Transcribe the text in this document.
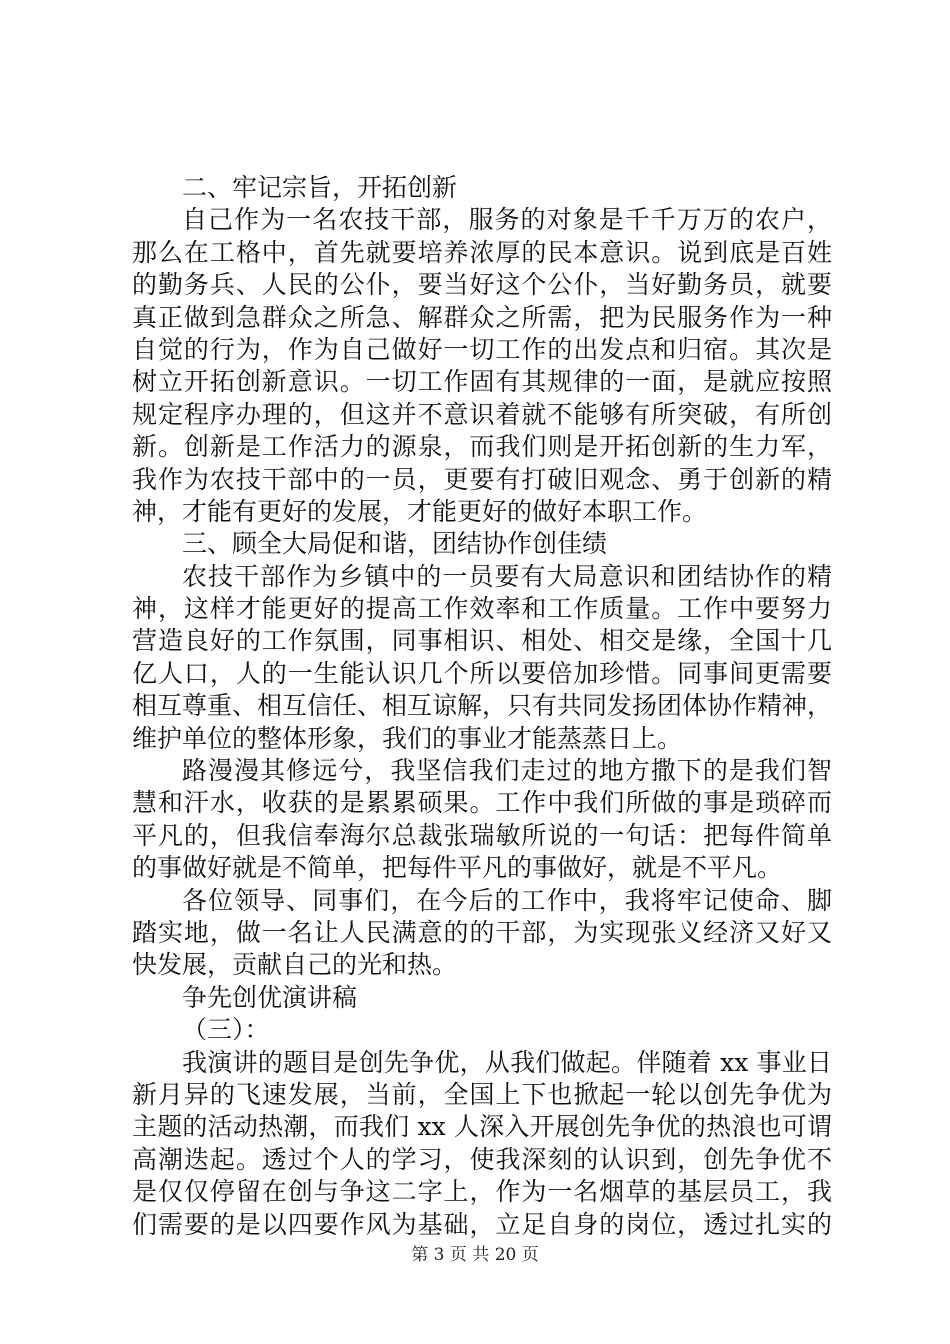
二、牢记宗旨，开拓创新
自己作为一名农技干部，服务的对象是千千万万的农户，
那么在工格中，首先就要培养浓厚的民本意识。说到底是百姓
的勤务兵、人民的公仆，要当好这个公仆，当好勤务员，就要
真正做到急群众之所急、解群众之所需，把为民服务作为一种
自觉的行为，作为自己做好一切工作的出发点和归宿。其次是
树立开拓创新意识。一切工作固有其规律的一面，是就应按照
规定程序办理的，但这并不意识着就不能够有所突破，有所创
新。创新是工作活力的源泉，而我们则是开拓创新的生力军，
我作为农技干部中的一员，更要有打破旧观念、勇于创新的精
神，才能有更好的发展，才能更好的做好本职工作。
三、顾全大局促和谐，团结协作创佳绩
农技干部作为乡镇中的一员要有大局意识和团结协作的精
神，这样才能更好的提高工作效率和工作质量。工作中要努力
营造良好的工作氛围，同事相识、相处、相交是缘，全国十几
亿人口，人的一生能认识几个所以要倍加珍惜。同事间更需要
相互尊重、相互信任、相互谅解，只有共同发扬团体协作精神，
维护单位的整体形象，我们的事业才能蒸蒸日上。
路漫漫其修远兮，我坚信我们走过的地方撒下的是我们智
慧和汗水，收获的是累累硕果。工作中我们所做的事是琐碎而
平凡的，但我信奉海尔总裁张瑞敏所说的一句话：把每件简单
的事做好就是不简单，把每件平凡的事做好，就是不平凡。
各位领导、同事们，在今后的工作中，我将牢记使命、脚
踏实地，做一名让人民满意的的干部，为实现张义经济又好又
快发展，贡献自己的光和热。
争先创优演讲稿
（三）：
我演讲的题目是创先争优，从我们做起。伴随着 xx 事业日
新月异的飞速发展，当前，全国上下也掀起一轮以创先争优为
主题的活动热潮，而我们 xx 人深入开展创先争优的热浪也可谓
高潮迭起。透过个人的学习，使我深刻的认识到，创先争优不
是仅仅停留在创与争这二字上，作为一名烟草的基层员工，我
们需要的是以四要作风为基础，立足自身的岗位，透过扎实的
第 3 页 共 20 页
